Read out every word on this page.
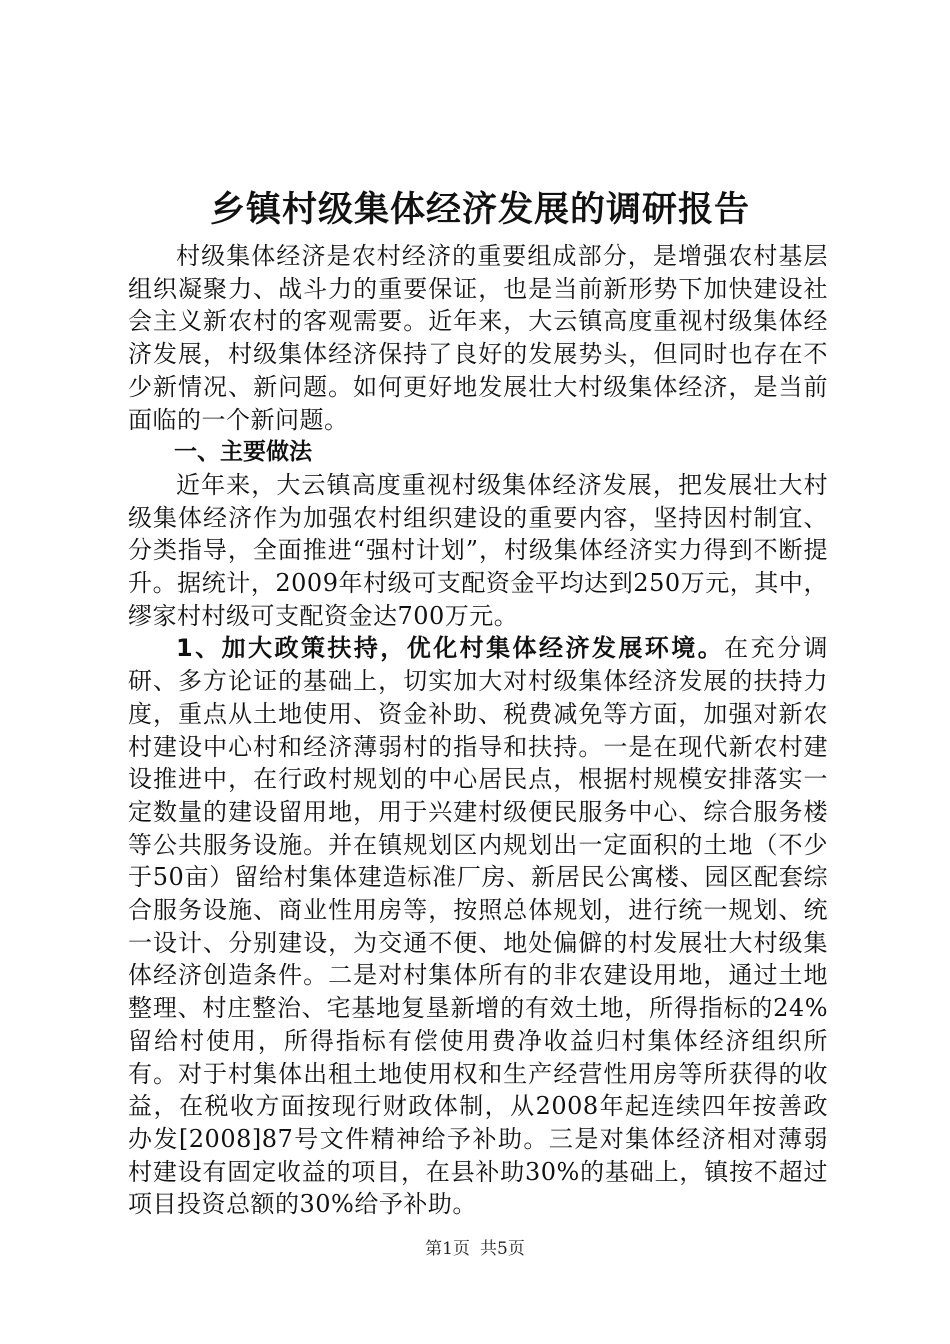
乡镇村级集体经济发展的调研报告

村级集体经济是农村经济的重要组成部分，是增强农村基层组织凝聚力、战斗力的重要保证，也是当前新形势下加快建设社会主义新农村的客观需要。近年来，大云镇高度重视村级集体经济发展，村级集体经济保持了良好的发展势头，但同时也存在不少新情况、新问题。如何更好地发展壮大村级集体经济，是当前面临的一个新问题。

一、主要做法

近年来，大云镇高度重视村级集体经济发展，把发展壮大村级集体经济作为加强农村组织建设的重要内容，坚持因村制宜、分类指导，全面推进“强村计划”，村级集体经济实力得到不断提升。据统计，2009年村级可支配资金平均达到250万元，其中，缪家村村级可支配资金达700万元。

1、加大政策扶持，优化村集体经济发展环境。在充分调研、多方论证的基础上，切实加大对村级集体经济发展的扶持力度，重点从土地使用、资金补助、税费减免等方面，加强对新农村建设中心村和经济薄弱村的指导和扶持。一是在现代新农村建设推进中，在行政村规划的中心居民点，根据村规模安排落实一定数量的建设留用地，用于兴建村级便民服务中心、综合服务楼等公共服务设施。并在镇规划区内规划出一定面积的土地（不少于50亩）留给村集体建造标准厂房、新居民公寓楼、园区配套综合服务设施、商业性用房等，按照总体规划，进行统一规划、统一设计、分别建设，为交通不便、地处偏僻的村发展壮大村级集体经济创造条件。二是对村集体所有的非农建设用地，通过土地整理、村庄整治、宅基地复垦新增的有效土地，所得指标的24%留给村使用，所得指标有偿使用费净收益归村集体经济组织所有。对于村集体出租土地使用权和生产经营性用房等所获得的收益，在税收方面按现行财政体制，从2008年起连续四年按善政办发[2008]87号文件精神给予补助。三是对集体经济相对薄弱村建设有固定收益的项目，在县补助30%的基础上，镇按不超过项目投资总额的30%给予补助。

第1页 共5页
